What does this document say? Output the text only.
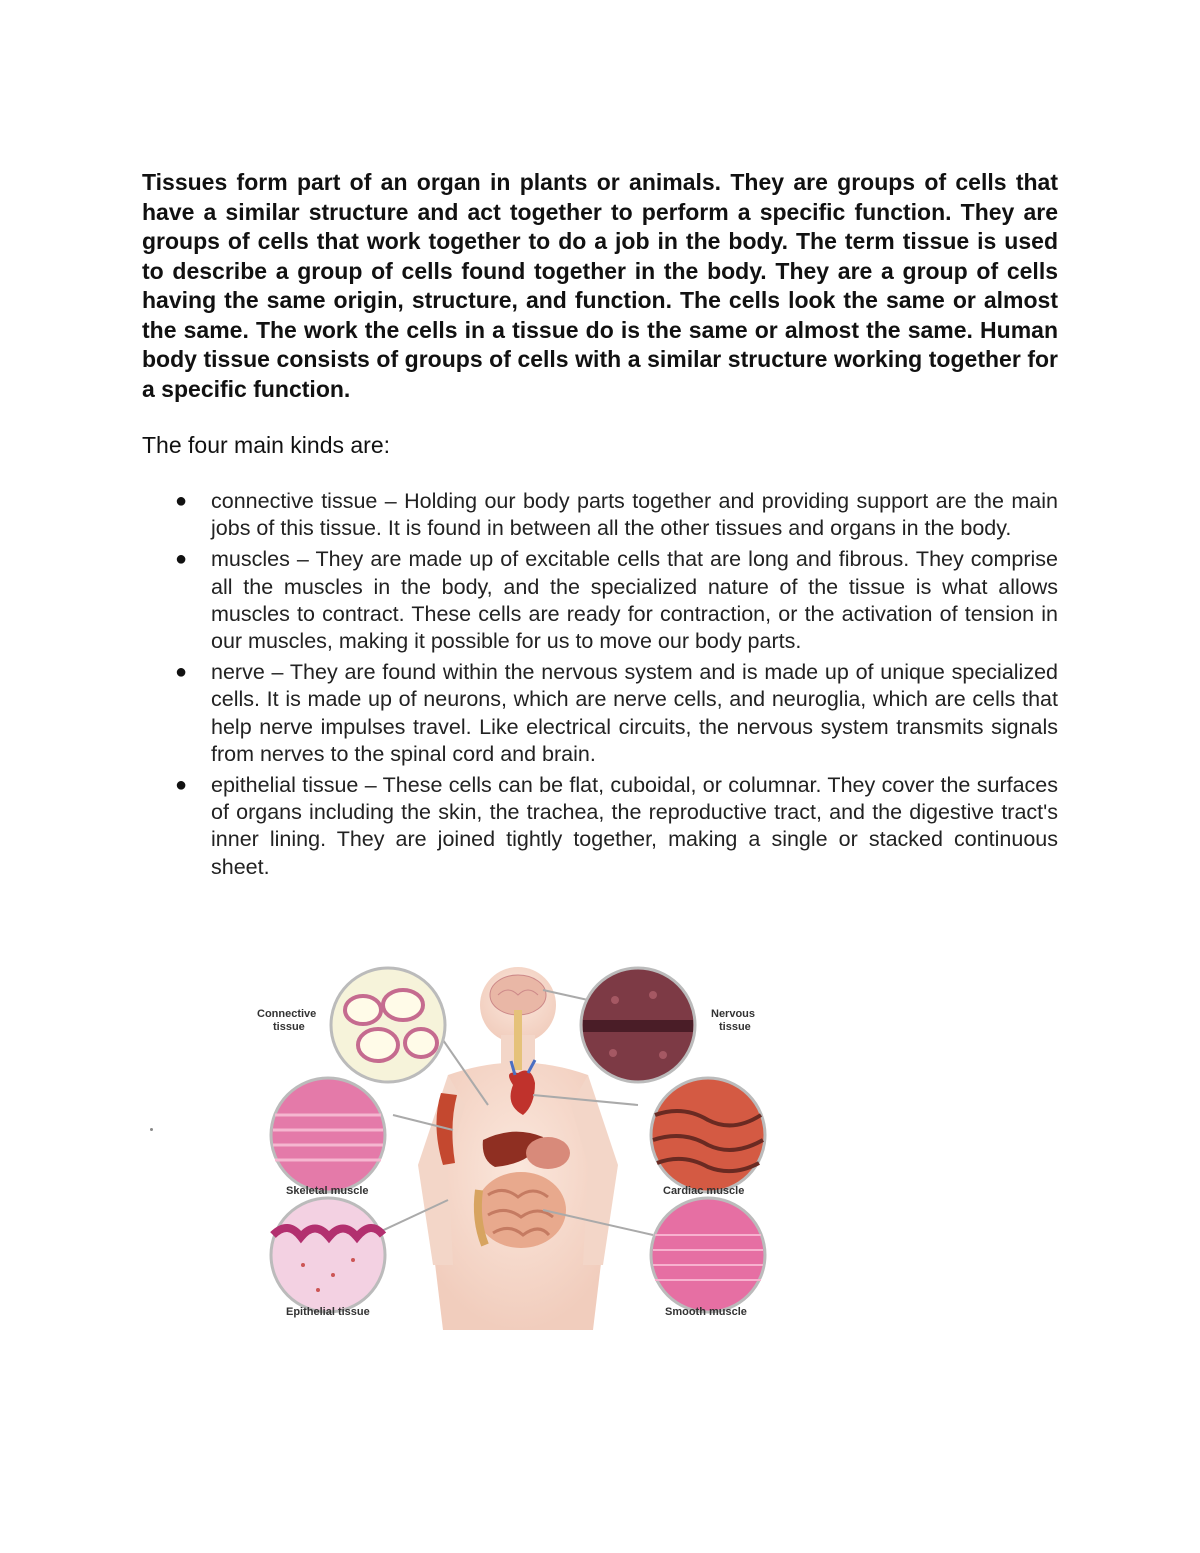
Tissues form part of an organ in plants or animals. They are groups of cells that have a similar structure and act together to perform a specific function. They are groups of cells that work together to do a job in the body. The term tissue is used to describe a group of cells found together in the body. They are a group of cells having the same origin, structure, and function. The cells look the same or almost the same. The work the cells in a tissue do is the same or almost the same. Human body tissue consists of groups of cells with a similar structure working together for a specific function.

The four main kinds are:
● connective tissue – Holding our body parts together and providing support are the main jobs of this tissue. It is found in between all the other tissues and organs in the body.
● muscles – They are made up of excitable cells that are long and fibrous. They comprise all the muscles in the body, and the specialized nature of the tissue is what allows muscles to contract. These cells are ready for contraction, or the activation of tension in our muscles, making it possible for us to move our body parts.
● nerve – They are found within the nervous system and is made up of unique specialized cells. It is made up of neurons, which are nerve cells, and neuroglia, which are cells that help nerve impulses travel. Like electrical circuits, the nervous system transmits signals from nerves to the spinal cord and brain.
● epithelial tissue – These cells can be flat, cuboidal, or columnar. They cover the surfaces of organs including the skin, the trachea, the reproductive tract, and the digestive tract's inner lining. They are joined tightly together, making a single or stacked continuous sheet.
Connective
tissue
Nervous
tissue
Skeletal muscle	Cardiac muscle
Epithelial tissue	Smooth muscle
